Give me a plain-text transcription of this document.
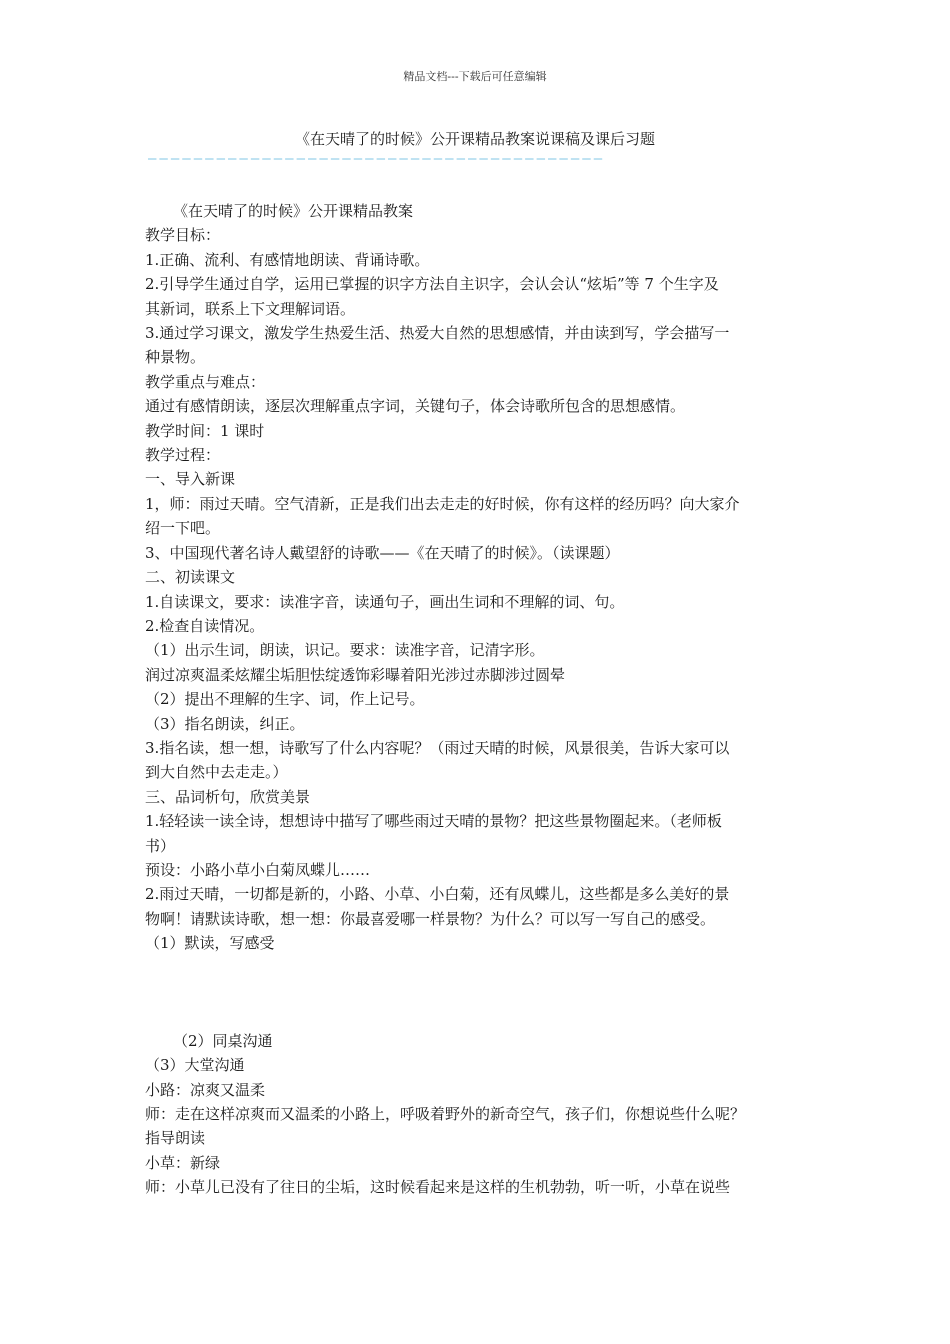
精品文档---下载后可任意编辑
《在天晴了的时候》公开课精品教案说课稿及课后习题
————————————————————————————————————————
《在天晴了的时候》公开课精品教案
教学目标：
1.正确、流利、有感情地朗读、背诵诗歌。
2.引导学生通过自学，运用已掌握的识字方法自主识字，会认会认“炫垢”等 7 个生字及
其新词，联系上下文理解词语。
3.通过学习课文，激发学生热爱生活、热爱大自然的思想感情，并由读到写，学会描写一
种景物。
教学重点与难点：
通过有感情朗读，逐层次理解重点字词，关键句子，体会诗歌所包含的思想感情。
教学时间：1 课时
教学过程：
一、导入新课
1，师：雨过天晴。空气清新，正是我们出去走走的好时候，你有这样的经历吗？向大家介
绍一下吧。
3、中国现代著名诗人戴望舒的诗歌——《在天晴了的时候》。（读课题）
二、初读课文
1.自读课文，要求：读准字音，读通句子，画出生词和不理解的词、句。
2.检查自读情况。
（1）出示生词，朗读，识记。要求：读准字音，记清字形。
润过凉爽温柔炫耀尘垢胆怯绽透饰彩曝着阳光涉过赤脚涉过圆晕
（2）提出不理解的生字、词，作上记号。
（3）指名朗读，纠正。
3.指名读，想一想，诗歌写了什么内容呢？（雨过天晴的时候，风景很美，告诉大家可以
到大自然中去走走。）
三、品词析句，欣赏美景
1.轻轻读一读全诗，想想诗中描写了哪些雨过天晴的景物？把这些景物圈起来。（老师板
书）
预设：小路小草小白菊凤蝶儿……
2.雨过天晴，一切都是新的，小路、小草、小白菊，还有凤蝶儿，这些都是多么美好的景
物啊！请默读诗歌，想一想：你最喜爱哪一样景物？为什么？可以写一写自己的感受。
（1）默读，写感受
（2）同桌沟通
（3）大堂沟通
小路：凉爽又温柔
师：走在这样凉爽而又温柔的小路上，呼吸着野外的新奇空气，孩子们，你想说些什么呢？
指导朗读
小草：新绿
师：小草儿已没有了往日的尘垢，这时候看起来是这样的生机勃勃，听一听，小草在说些
